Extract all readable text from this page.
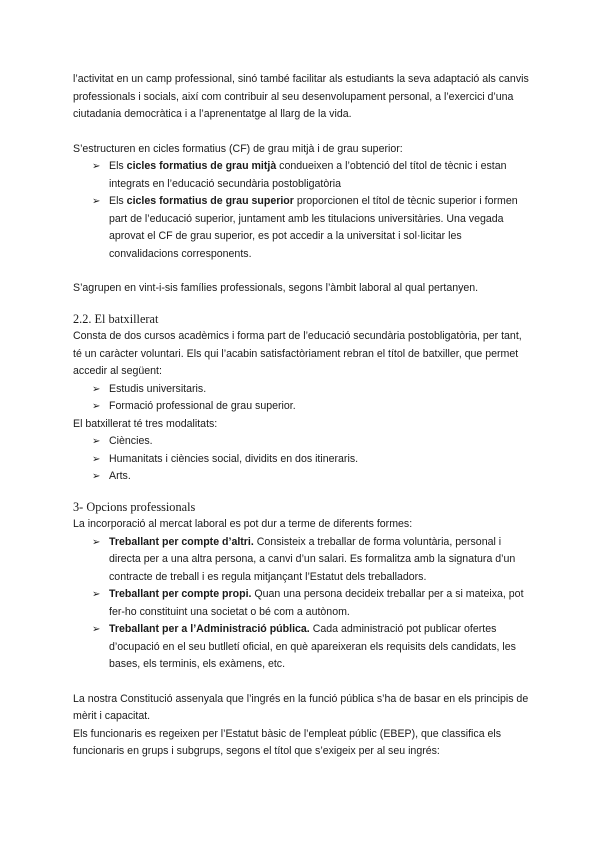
l’activitat en un camp professional, sinó també facilitar als estudiants la seva adaptació als canvis professionals i socials, així com contribuir al seu desenvolupament personal, a l’exercici d’una ciutadania democràtica i a l’aprenentatge al llarg de la vida.

S’estructuren en cicles formatius (CF) de grau mitjà i de grau superior:

➢ Els cicles formatius de grau mitjà condueixen a l’obtenció del títol de tècnic i estan integrats en l’educació secundària postobligatòria
➢ Els cicles formatius de grau superior proporcionen el títol de tècnic superior i formen part de l’educació superior, juntament amb les titulacions universitàries. Una vegada aprovat el CF de grau superior, es pot accedir a la universitat i sol·licitar les convalidacions corresponents.

S’agrupen en vint-i-sis famílies professionals, segons l’àmbit laboral al qual pertanyen.

2.2. El batxillerat

Consta de dos cursos acadèmics i forma part de l’educació secundària postobligatòria, per tant, té un caràcter voluntari. Els qui l’acabin satisfactòriament rebran el títol de batxiller, que permet accedir al següent:

➢ Estudis universitaris.
➢ Formació professional de grau superior.

El batxillerat té tres modalitats:

➢ Ciències.
➢ Humanitats i ciències social, dividits en dos itineraris.
➢ Arts.
3- Opcions professionals

La incorporació al mercat laboral es pot dur a terme de diferents formes:

➢ Treballant per compte d’altri. Consisteix a treballar de forma voluntària, personal i directa per a una altra persona, a canvi d’un salari. Es formalitza amb la signatura d’un contracte de treball i es regula mitjançant l’Estatut dels treballadors.
➢ Treballant per compte propi. Quan una persona decideix treballar per a si mateixa, pot fer-ho constituint una societat o bé com a autònom.
➢ Treballant per a l’Administració pública. Cada administració pot publicar ofertes d’ocupació en el seu butlletí oficial, en què apareixeran els requisits dels candidats, les bases, els terminis, els exàmens, etc.

La nostra Constitució assenyala que l’ingrés en la funció pública s’ha de basar en els principis de mèrit i capacitat.

Els funcionaris es regeixen per l’Estatut bàsic de l’empleat públic (EBEP), que classifica els funcionaris en grups i subgrups, segons el títol que s’exigeix per al seu ingrés:
